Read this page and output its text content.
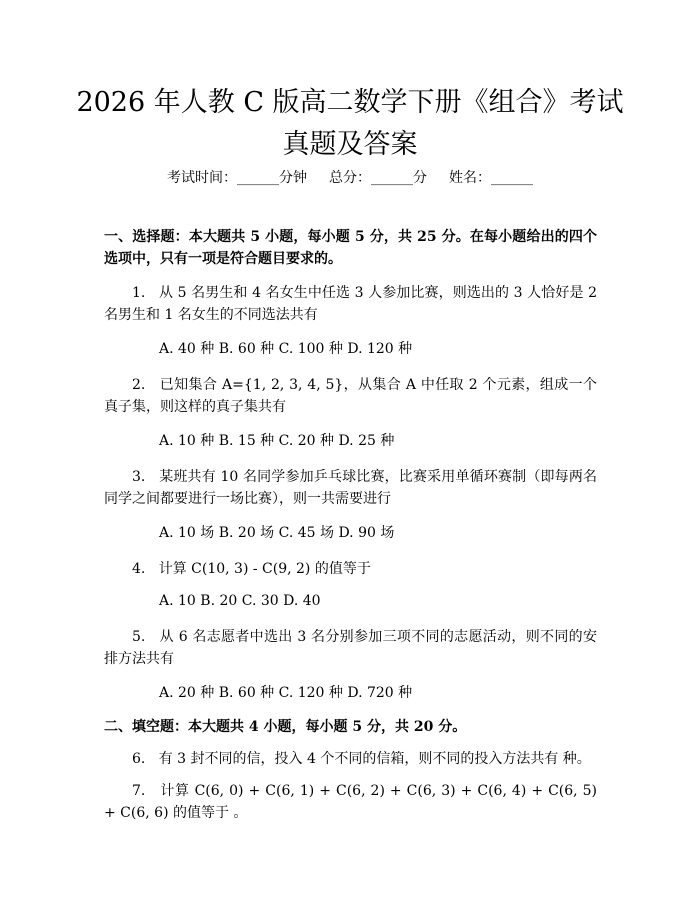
2026 年人教 C 版高二数学下册《组合》考试
真题及答案
考试时间：______分钟 总分：______分 姓名：______

一、选择题：本大题共 5 小题，每小题 5 分，共 25 分。在每小题给出的四个选项中，只有一项是符合题目要求的。

1.   从 5 名男生和 4 名女生中任选 3 人参加比赛，则选出的 3 人恰好是 2 名男生和 1 名女生的不同选法共有

A. 40 种 B. 60 种 C. 100 种 D. 120 种

2.   已知集合 A={1, 2, 3, 4, 5}，从集合 A 中任取 2 个元素，组成一个真子集，则这样的真子集共有

A. 10 种 B. 15 种 C. 20 种 D. 25 种

3.   某班共有 10 名同学参加乒乓球比赛，比赛采用单循环赛制（即每两名同学之间都要进行一场比赛），则一共需要进行

A. 10 场 B. 20 场 C. 45 场 D. 90 场

4.   计算 C(10, 3) - C(9, 2) 的值等于

A. 10 B. 20 C. 30 D. 40

5.   从 6 名志愿者中选出 3 名分别参加三项不同的志愿活动，则不同的安排方法共有

A. 20 种 B. 60 种 C. 120 种 D. 720 种

二、填空题：本大题共 4 小题，每小题 5 分，共 20 分。

6.   有 3 封不同的信，投入 4 个不同的信箱，则不同的投入方法共有 种。

7.   计算 C(6, 0) + C(6, 1) + C(6, 2) + C(6, 3) + C(6, 4) + C(6, 5) + C(6, 6) 的值等于 。
